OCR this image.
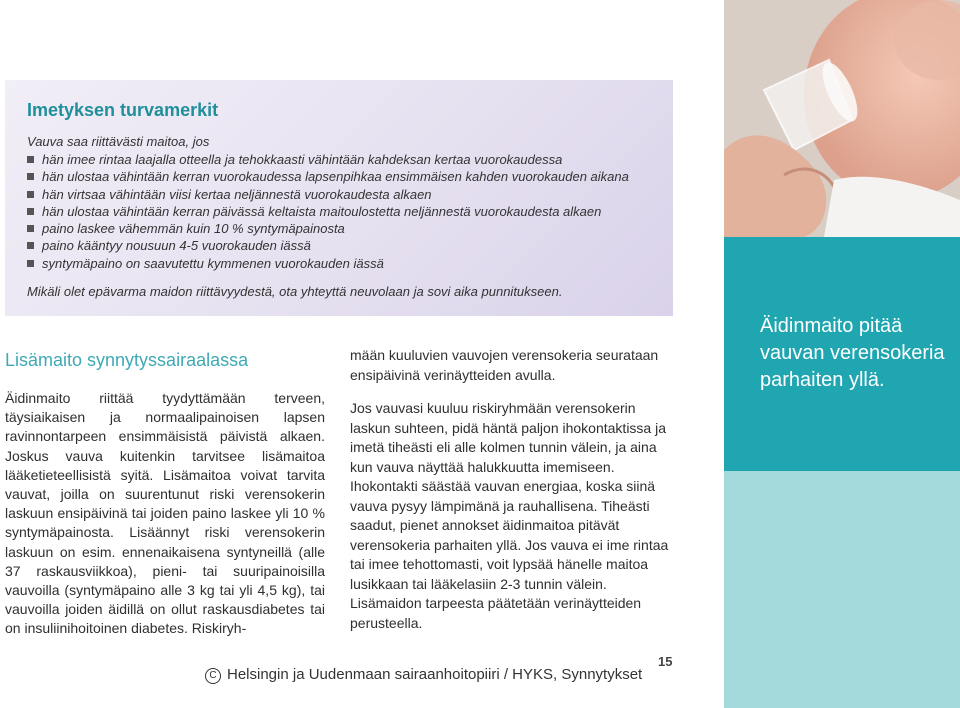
Imetyksen turvamerkit
Vauva saa riittävästi maitoa, jos
hän imee rintaa laajalla otteella ja tehokkaasti vähintään kahdeksan kertaa vuorokaudessa
hän ulostaa vähintään kerran vuorokaudessa lapsenpihkaa ensimmäisen kahden vuorokauden aikana
hän virtsaa vähintään viisi kertaa neljännestä vuorokaudesta alkaen
hän ulostaa vähintään kerran päivässä keltaista maitoulostetta neljännestä vuorokaudesta alkaen
paino laskee vähemmän kuin 10 % syntymäpainosta
paino kääntyy nousuun 4-5 vuorokauden iässä
syntymäpaino on saavutettu kymmenen vuorokauden iässä
Mikäli olet epävarma maidon riittävyydestä, ota yhteyttä neuvolaan ja sovi aika punnitukseen.

Äidinmaito pitää vauvan verensokeria parhaiten yllä.

Lisämaito synnytyssairaalassa

Äidinmaito riittää tyydyttämään terveen, täysiaikaisen ja normaalipainoisen lapsen ravinnontarpeen ensimmäisistä päivistä alkaen. Joskus vauva kuitenkin tarvitsee lisämaitoa lääketieteellisistä syitä. Lisämaitoa voivat tarvita vauvat, joilla on suurentunut riski verensokerin laskuun ensipäivinä tai joiden paino laskee yli 10 % syntymäpainosta. Lisäännyt riski verensokerin laskuun on esim. ennenaikaisena syntyneillä (alle 37 raskausviikkoa), pieni- tai suuripainoisilla vauvoilla (syntymäpaino alle 3 kg tai yli 4,5 kg), tai vauvoilla joiden äidillä on ollut raskausdiabetes tai on insuliinihoitoinen diabetes. Riskiryh-

mään kuuluvien vauvojen verensokeria seurataan ensipäivinä verinäytteiden avulla.

Jos vauvasi kuuluu riskiryhmään verensokerin laskun suhteen, pidä häntä paljon ihokontaktissa ja imetä tiheästi eli alle kolmen tunnin välein, ja aina kun vauva näyttää halukkuutta imemiseen. Ihokontakti säästää vauvan energiaa, koska siinä vauva pysyy lämpimänä ja rauhallisena. Tiheästi saadut, pienet annokset äidinmaitoa pitävät verensokeria parhaiten yllä. Jos vauva ei ime rintaa tai imee tehottomasti, voit lypsää hänelle maitoa lusikkaan tai lääkelasiin 2-3 tunnin välein. Lisämaidon tarpeesta päätetään verinäytteiden perusteella.

15
C Helsingin ja Uudenmaan sairaanhoitopiiri / HYKS, Synnytykset
